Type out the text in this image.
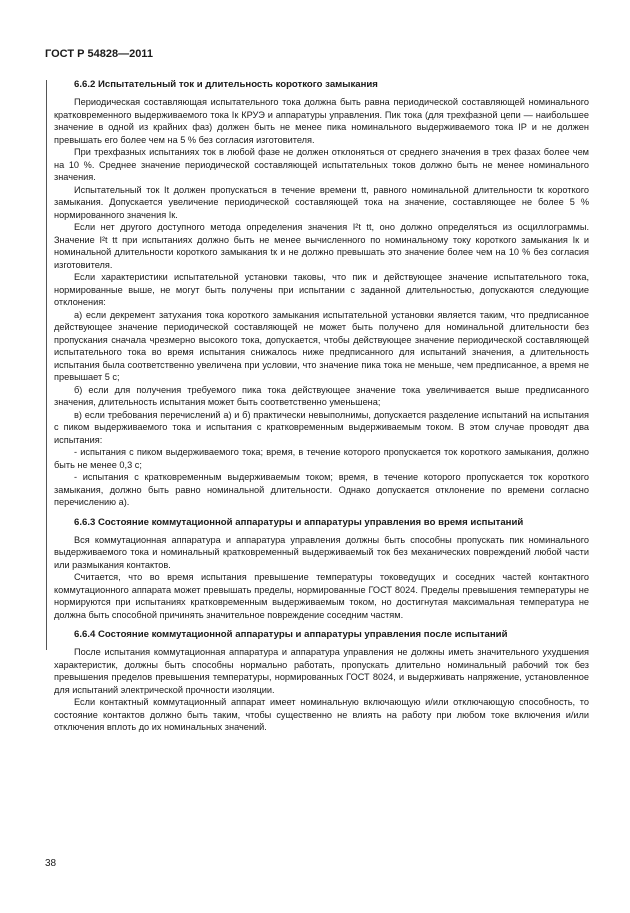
ГОСТ Р 54828—2011
6.6.2 Испытательный ток и длительность короткого замыкания

Периодическая составляющая испытательного тока должна быть равна периодической составляющей номинального кратковременного выдерживаемого тока Iк КРУЭ и аппаратуры управления. Пик тока (для трехфазной цепи — наибольшее значение в одной из крайних фаз) должен быть не менее пика номинального выдерживаемого тока IP и не должен превышать его более чем на 5 % без согласия изготовителя.

При трехфазных испытаниях ток в любой фазе не должен отклоняться от среднего значения в трех фазах более чем на 10 %. Среднее значение периодической составляющей испытательных токов должно быть не менее номинального значения.

Испытательный ток It должен пропускаться в течение времени tt, равного номинальной длительности tк короткого замыкания. Допускается увеличение периодической составляющей тока на значение, составляющее не более 5 % нормированного значения Iк.

Если нет другого доступного метода определения значения I²t tt, оно должно определяться из осциллограммы. Значение I²t tt при испытаниях должно быть не менее вычисленного по номинальному току короткого замыкания Iк и номинальной длительности короткого замыкания tк и не должно превышать это значение более чем на 10 % без согласия изготовителя.

Если характеристики испытательной установки таковы, что пик и действующее значение испытательного тока, нормированные выше, не могут быть получены при испытании с заданной длительностью, допускаются следующие отклонения:

а) если декремент затухания тока короткого замыкания испытательной установки является таким, что предписанное действующее значение периодической составляющей не может быть получено для номинальной длительности без пропускания сначала чрезмерно высокого тока, допускается, чтобы действующее значение периодической составляющей испытательного тока во время испытания снижалось ниже предписанного для испытаний значения, а длительность испытания была соответственно увеличена при условии, что значение пика тока не меньше, чем предписанное, а время не превышает 5 с;

б) если для получения требуемого пика тока действующее значение тока увеличивается выше предписанного значения, длительность испытания может быть соответственно уменьшена;

в) если требования перечислений а) и б) практически невыполнимы, допускается разделение испытаний на испытания с пиком выдерживаемого тока и испытания с кратковременным выдерживаемым током. В этом случае проводят два испытания:

- испытания с пиком выдерживаемого тока; время, в течение которого пропускается ток короткого замыкания, должно быть не менее 0,3 с;

- испытания с кратковременным выдерживаемым током; время, в течение которого пропускается ток короткого замыкания, должно быть равно номинальной длительности. Однако допускается отклонение по времени согласно перечислению а).

6.6.3 Состояние коммутационной аппаратуры и аппаратуры управления во время испытаний

Вся коммутационная аппаратура и аппаратура управления должны быть способны пропускать пик номинального выдерживаемого тока и номинальный кратковременный выдерживаемый ток без механических повреждений любой части или размыкания контактов.

Считается, что во время испытания превышение температуры токоведущих и соседних частей контактного коммутационного аппарата может превышать пределы, нормированные ГОСТ 8024. Пределы превышения температуры не нормируются при испытаниях кратковременным выдерживаемым током, но достигнутая максимальная температура не должна быть способной причинять значительное повреждение соседним частям.

6.6.4 Состояние коммутационной аппаратуры и аппаратуры управления после испытаний

После испытания коммутационная аппаратура и аппаратура управления не должны иметь значительного ухудшения характеристик, должны быть способны нормально работать, пропускать длительно номинальный рабочий ток без превышения пределов превышения температуры, нормированных ГОСТ 8024, и выдерживать напряжение, установленное для испытаний электрической прочности изоляции.

Если контактный коммутационный аппарат имеет номинальную включающую и/или отключающую способность, то состояние контактов должно быть таким, чтобы существенно не влиять на работу при любом токе включения и/или отключения вплоть до их номинальных значений.

38
